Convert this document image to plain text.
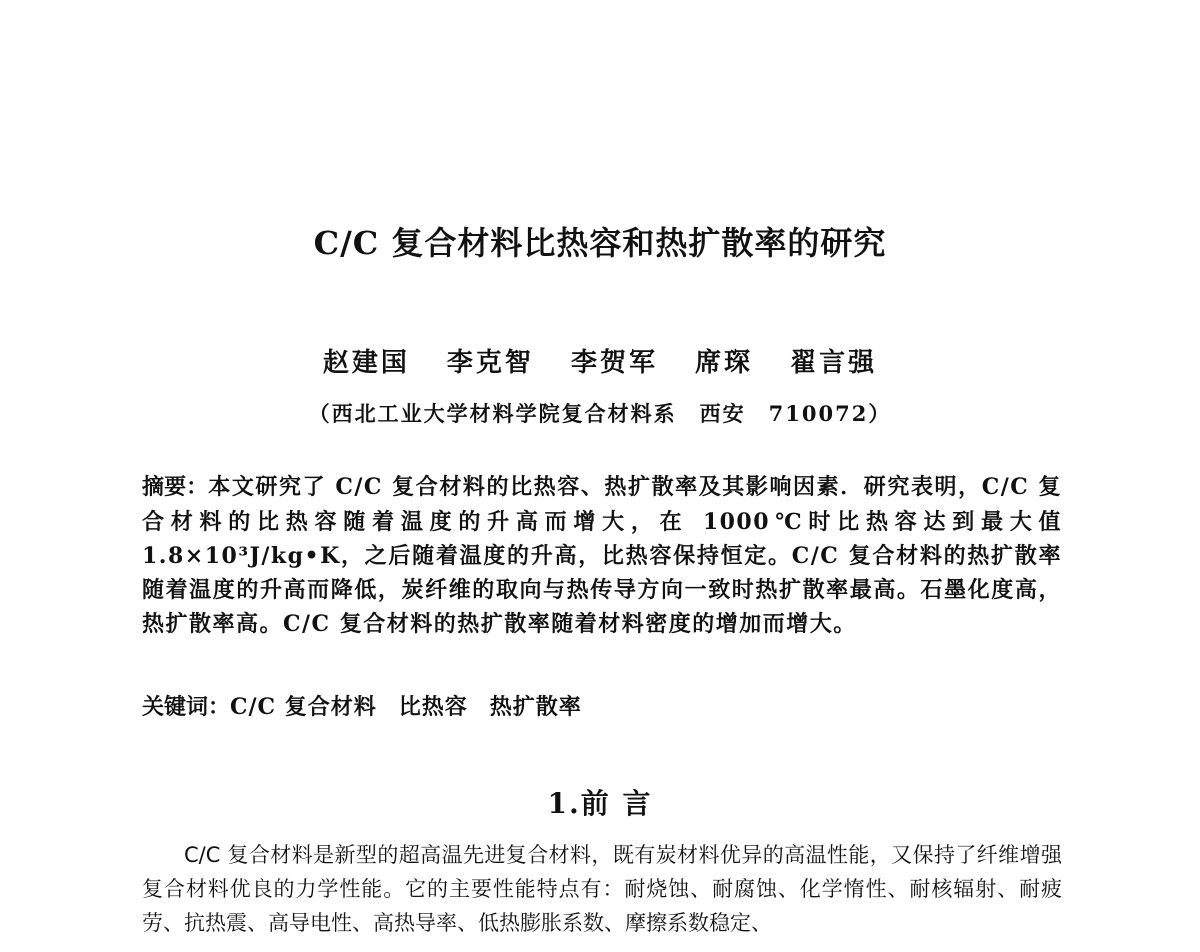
C/C 复合材料比热容和热扩散率的研究
赵建国 李克智 李贺军 席琛 翟言强
（西北工业大学材料学院复合材料系　西安　710072）
摘要：本文研究了 C/C 复合材料的比热容、热扩散率及其影响因素．研究表明，C/C 复合材料的比热容随着温度的升高而增大，在 1000℃时比热容达到最大值 1.8×10³J/kg•K，之后随着温度的升高，比热容保持恒定。C/C 复合材料的热扩散率随着温度的升高而降低，炭纤维的取向与热传导方向一致时热扩散率最高。石墨化度高，热扩散率高。C/C 复合材料的热扩散率随着材料密度的增加而增大。
关键词：C/C 复合材料 比热容 热扩散率
1.前 言
C/C 复合材料是新型的超高温先进复合材料，既有炭材料优异的高温性能，又保持了纤维增强复合材料优良的力学性能。它的主要性能特点有：耐烧蚀、耐腐蚀、化学惰性、耐核辐射、耐疲劳、抗热震、高导电性、高热导率、低热膨胀系数、摩擦系数稳定、
